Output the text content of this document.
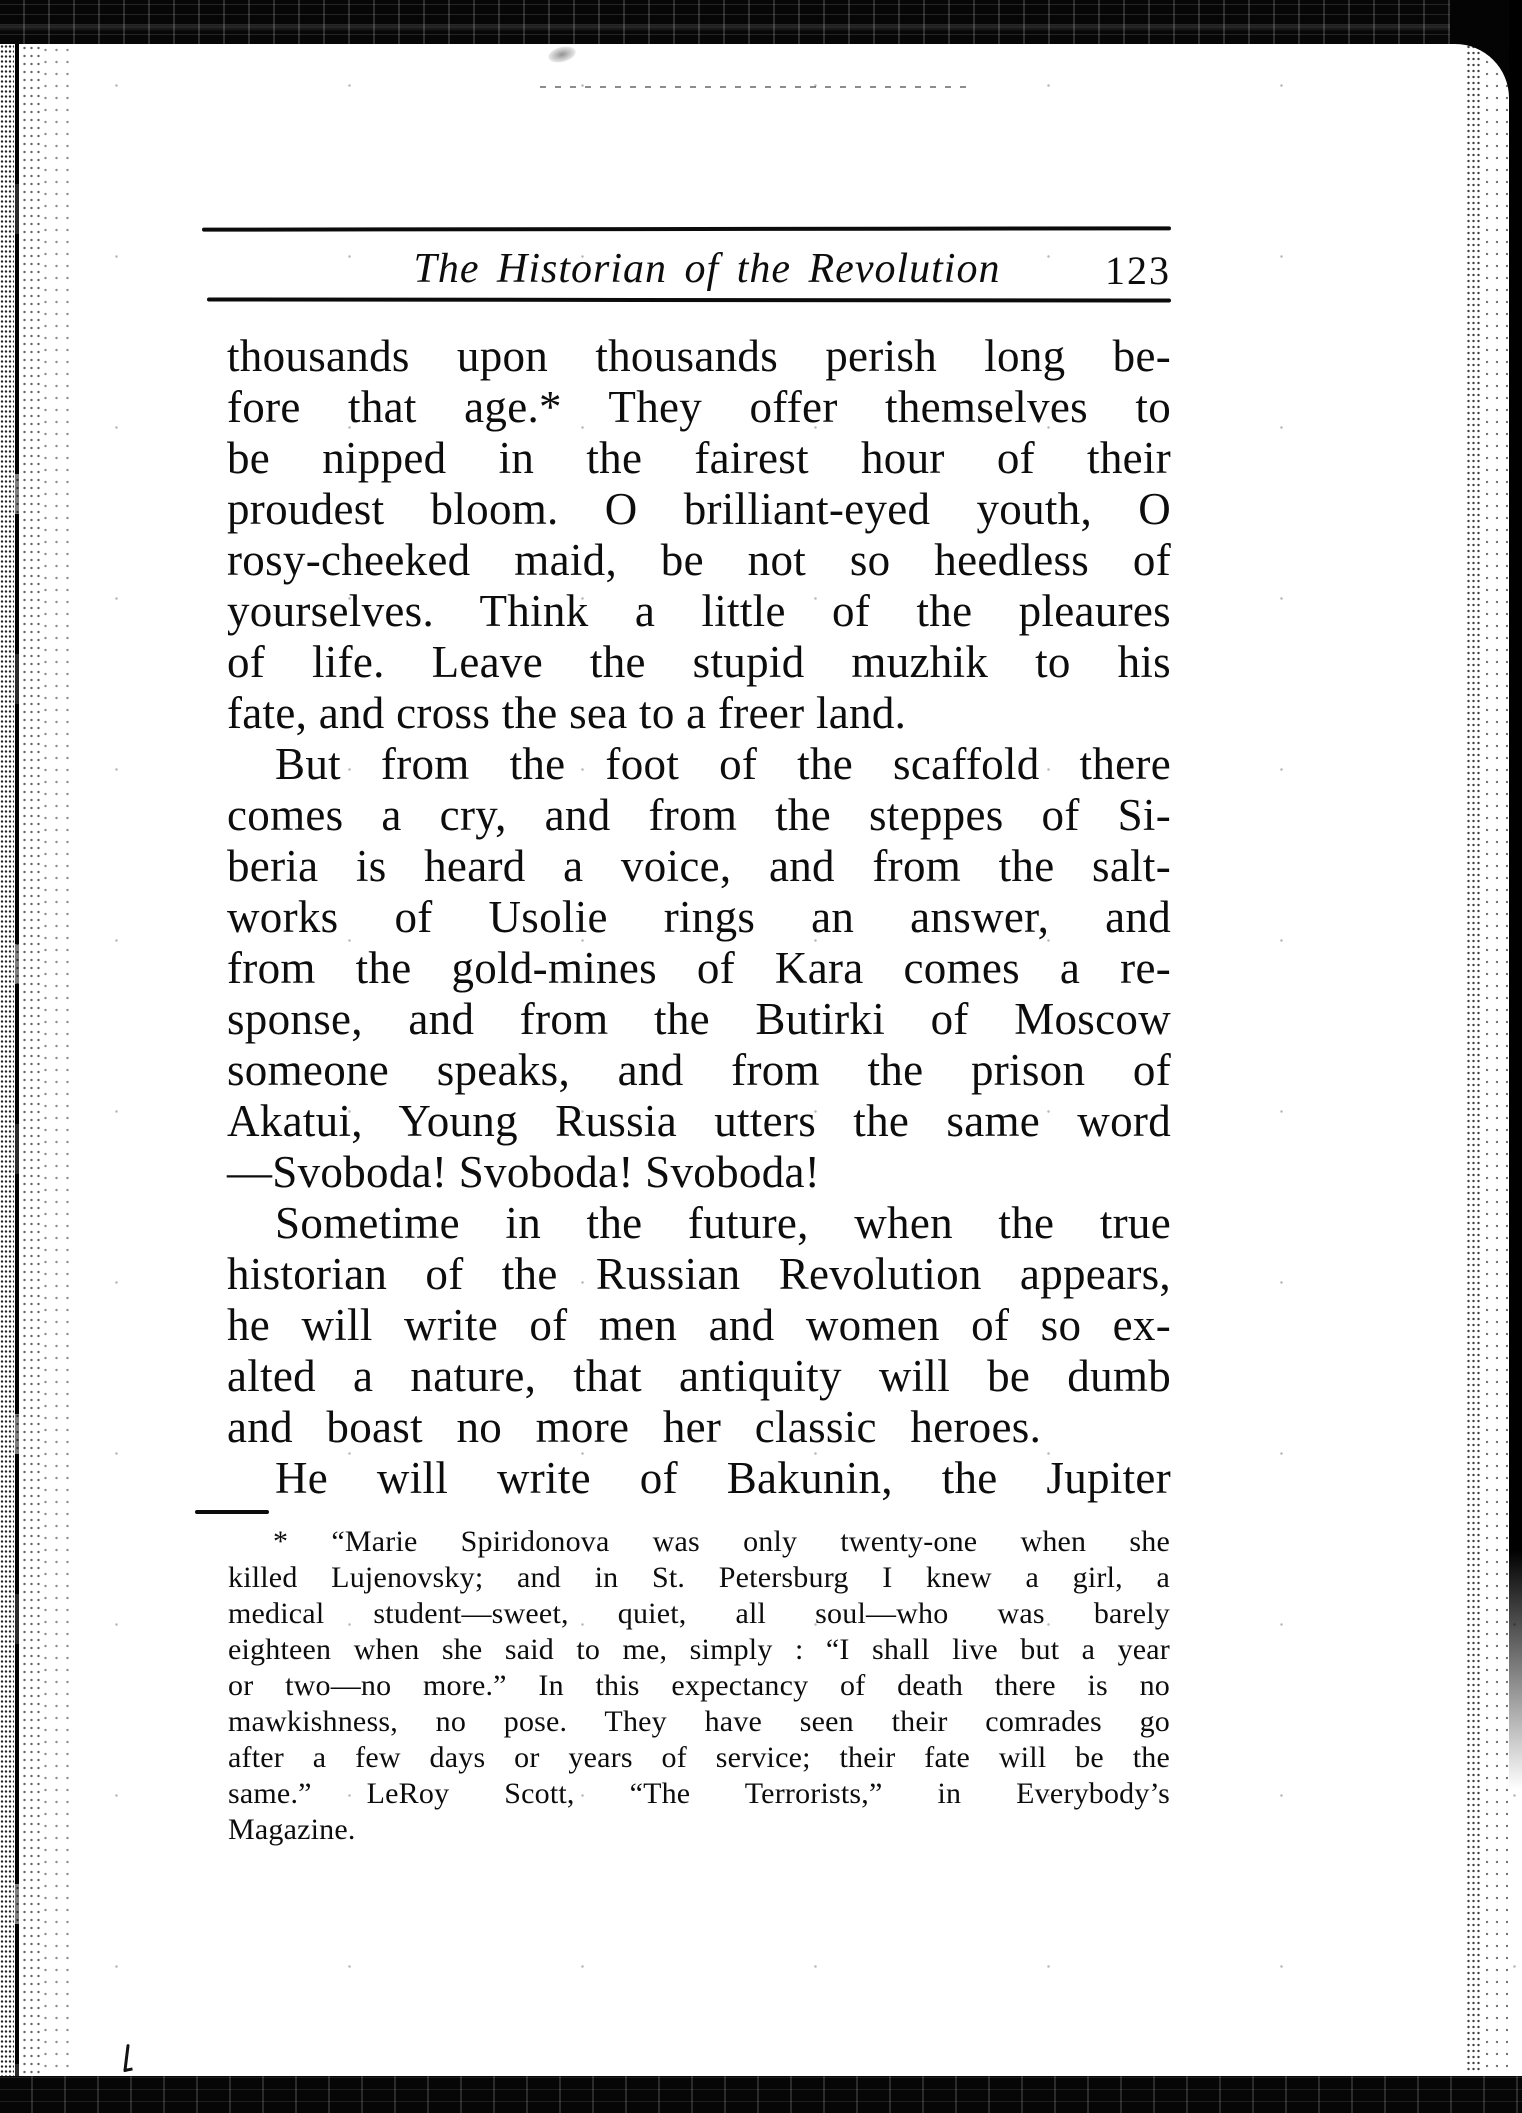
The Historian of the Revolution	123
thousands upon thousands perish long be-
fore that age.* They offer themselves to
be nipped in the fairest hour of their
proudest bloom. O brilliant-eyed youth, O
rosy-cheeked maid, be not so heedless of
yourselves. Think a little of the pleaures
of life. Leave the stupid muzhik to his
fate, and cross the sea to a freer land.
But from the foot of the scaffold there
comes a cry, and from the steppes of Si-
beria is heard a voice, and from the salt-
works of Usolie rings an answer, and
from the gold-mines of Kara comes a re-
sponse, and from the Butirki of Moscow
someone speaks, and from the prison of
Akatui, Young Russia utters the same word
—Svoboda! Svoboda! Svoboda!
Sometime in the future, when the true
historian of the Russian Revolution appears,
he will write of men and women of so ex-
alted a nature, that antiquity will be dumb
and boast no more her classic heroes.
He will write of Bakunin, the Jupiter
* “Marie Spiridonova was only twenty-one when she
killed Lujenovsky; and in St. Petersburg I knew a girl, a
medical student—sweet, quiet, all soul—who was barely
eighteen when she said to me, simply : “I shall live but a year
or two—no more.” In this expectancy of death there is no
mawkishness, no pose. They have seen their comrades go
after a few days or years of service; their fate will be the
same.” LeRoy Scott, “The Terrorists,” in Everybody’s
Magazine.
